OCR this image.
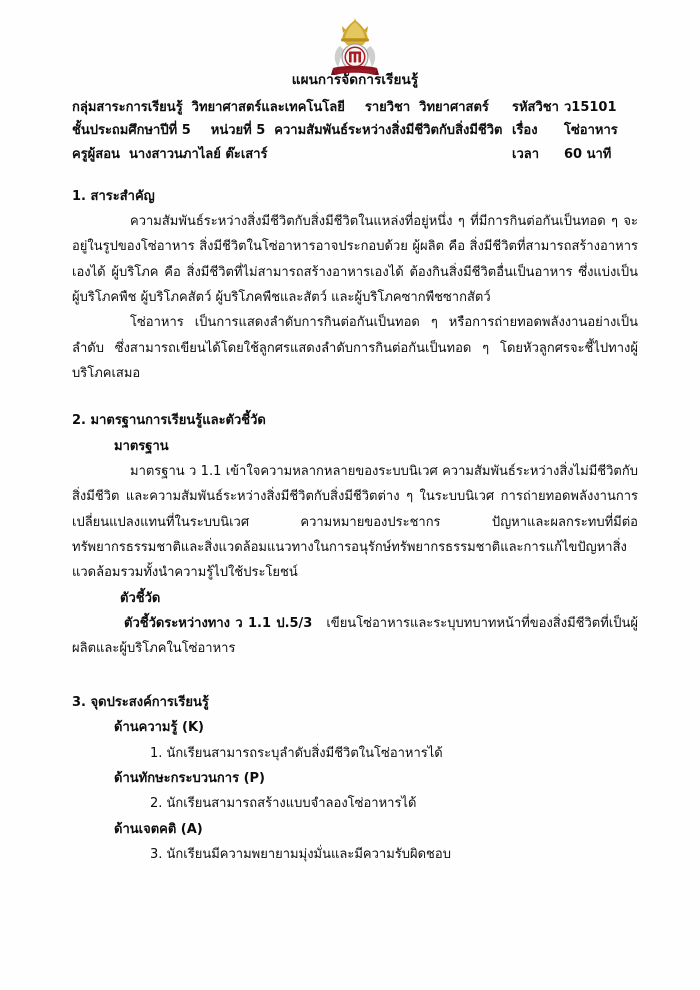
แผนการจัดการเรียนรู้
กลุ่มสาระการเรียนรู้ วิทยาศาสตร์และเทคโนโลยี รายวิชา วิทยาศาสตร์	รหัสวิชา ว15101
ชั้นประถมศึกษาปีที่ 5 หน่วยที่ 5 ความสัมพันธ์ระหว่างสิ่งมีชีวิตกับสิ่งมีชีวิต เรื่อง	โซ่อาหาร
ครูผู้สอน นางสาวนภาไลย์ ต๊ะเสาร์	เวลา	60 นาที
1. สาระสำคัญ
ความสัมพันธ์ระหว่างสิ่งมีชีวิตกับสิ่งมีชีวิตในแหล่งที่อยู่หนึ่ง ๆ ที่มีการกินต่อกันเป็นทอด ๆ จะอยู่ในรูปของโซ่อาหาร สิ่งมีชีวิตในโซ่อาหารอาจประกอบด้วย ผู้ผลิต คือ สิ่งมีชีวิตที่สามารถสร้างอาหารเองได้ ผู้บริโภค คือ สิ่งมีชีวิตที่ไม่สามารถสร้างอาหารเองได้ ต้องกินสิ่งมีชีวิตอื่นเป็นอาหาร ซึ่งแบ่งเป็น ผู้บริโภคพืช ผู้บริโภคสัตว์ ผู้บริโภคพืชและสัตว์ และผู้บริโภคซากพืชซากสัตว์
โซ่อาหาร เป็นการแสดงลำดับการกินต่อกันเป็นทอด ๆ หรือการถ่ายทอดพลังงานอย่างเป็นลำดับ ซึ่งสามารถเขียนได้โดยใช้ลูกศรแสดงลำดับการกินต่อกันเป็นทอด ๆ โดยหัวลูกศรจะชี้ไปทางผู้บริโภคเสมอ
2. มาตรฐานการเรียนรู้และตัวชี้วัด
มาตรฐาน
มาตรฐาน ว 1.1 เข้าใจความหลากหลายของระบบนิเวศ ความสัมพันธ์ระหว่างสิ่งไม่มีชีวิตกับสิ่งมีชีวิต และความสัมพันธ์ระหว่างสิ่งมีชีวิตกับสิ่งมีชีวิตต่าง ๆ ในระบบนิเวศ การถ่ายทอดพลังงานการเปลี่ยนแปลงแทนที่ในระบบนิเวศ ความหมายของประชากร ปัญหาและผลกระทบที่มีต่อทรัพยากรธรรมชาติและสิ่งแวดล้อมแนวทางในการอนุรักษ์ทรัพยากรธรรมชาติและการแก้ไขปัญหาสิ่งแวดล้อมรวมทั้งนำความรู้ไปใช้ประโยชน์
ตัวชี้วัด
ตัวชี้วัดระหว่างทาง ว 1.1 ป.5/3 เขียนโซ่อาหารและระบุบทบาทหน้าที่ของสิ่งมีชีวิตที่เป็นผู้ผลิตและผู้บริโภคในโซ่อาหาร
3. จุดประสงค์การเรียนรู้
ด้านความรู้ (K)
1. นักเรียนสามารถระบุลำดับสิ่งมีชีวิตในโซ่อาหารได้
ด้านทักษะกระบวนการ (P)
2. นักเรียนสามารถสร้างแบบจำลองโซ่อาหารได้
ด้านเจตคติ (A)
3. นักเรียนมีความพยายามมุ่งมั่นและมีความรับผิดชอบ
